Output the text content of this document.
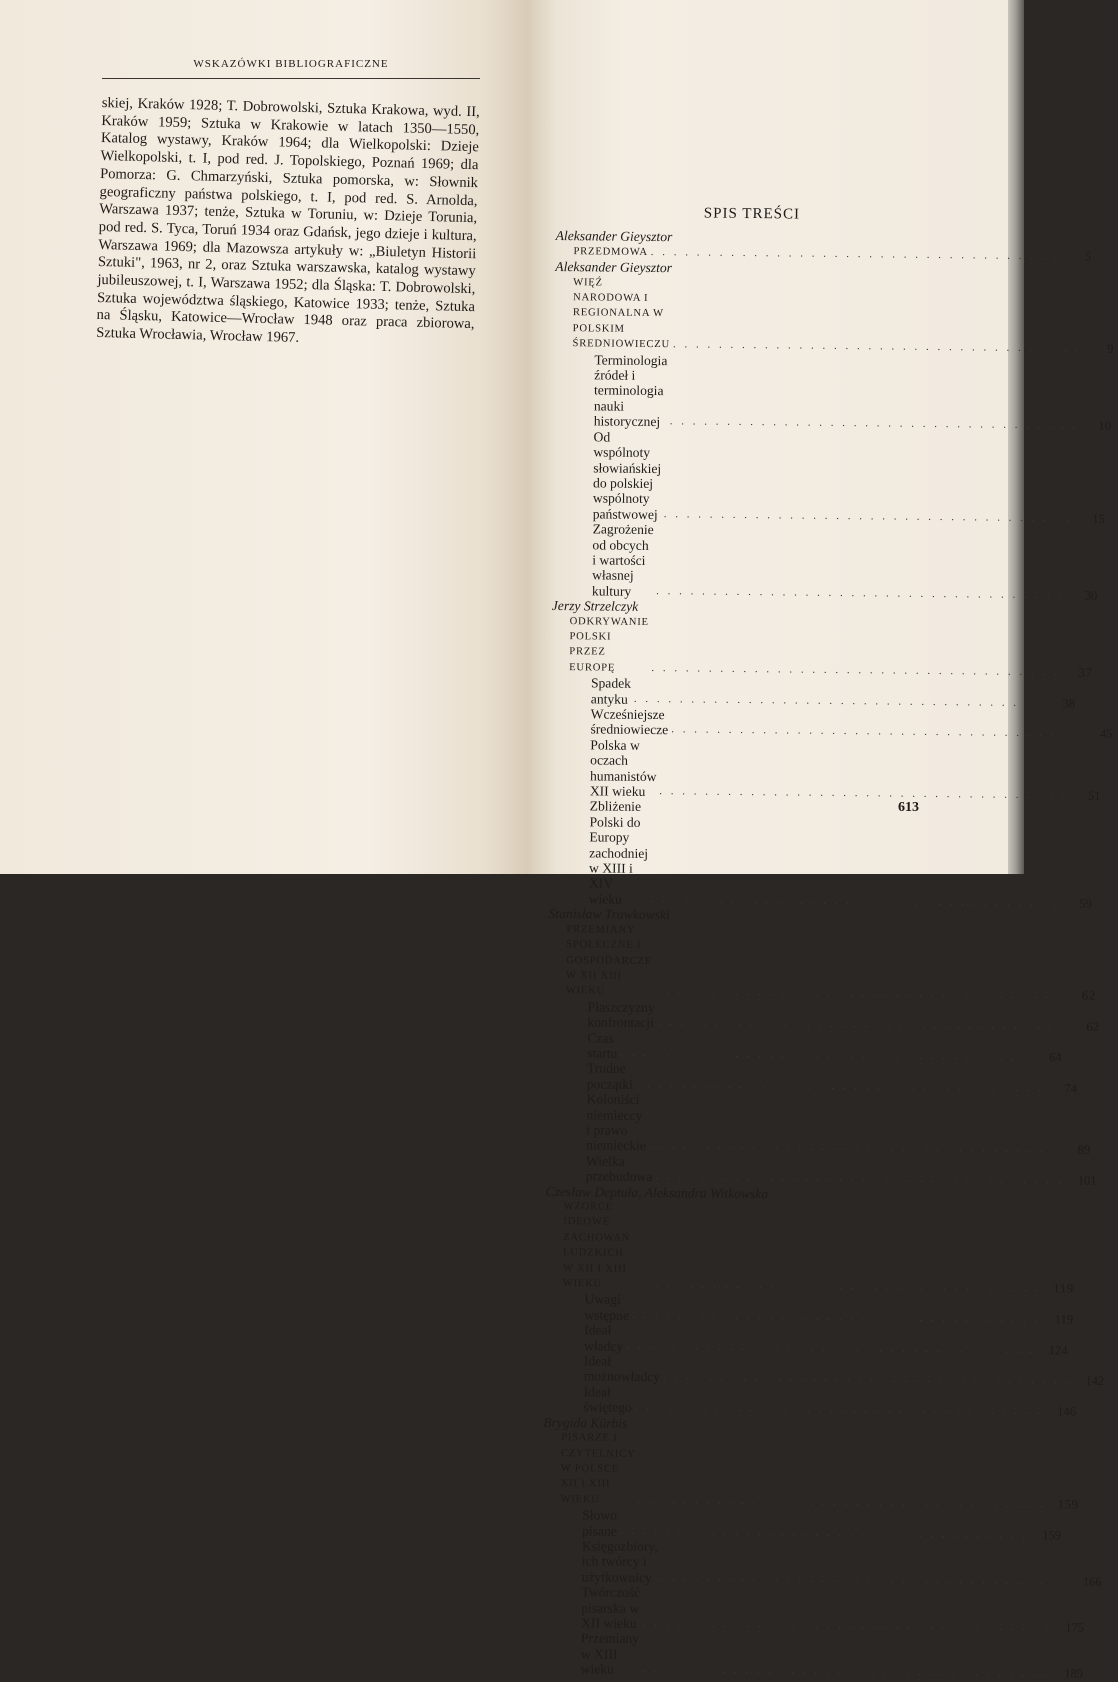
WSKAZÓWKI BIBLIOGRAFICZNE

skiej, Kraków 1928; T. Dobrowolski, Sztuka Krakowa, wyd. II, Kraków 1959; Sztuka w Krakowie w latach 1350—1550, Katalog wystawy, Kraków 1964; dla Wielkopolski: Dzieje Wielkopolski, t. I, pod red. J. Topolskiego, Poznań 1969; dla Pomorza: G. Chmarzyński, Sztuka pomorska, w: Słownik geograficzny państwa polskiego, t. I, pod red. S. Arnolda, Warszawa 1937; tenże, Sztuka w Toruniu, w: Dzieje Torunia, pod red. S. Tyca, Toruń 1934 oraz Gdańsk, jego dzieje i kultura, Warszawa 1969; dla Mazowsza artykuły w: „Biuletyn Historii Sztuki", 1963, nr 2, oraz Sztuka warszawska, katalog wystawy jubileuszowej, t. I, Warszawa 1952; dla Śląska: T. Dobrowolski, Sztuka województwa śląskiego, Katowice 1933; tenże, Sztuka na Śląsku, Katowice—Wrocław 1948 oraz praca zbiorowa, Sztuka Wrocławia, Wrocław 1967.

SPIS TREŚCI
Aleksander Gieysztor
PRZEDMOWA . . . . . . . . . . . . . . . . . . . . . . . . . . . . . . . . . . . .	5
Aleksander Gieysztor
WIĘŹ NARODOWA I REGIONALNA W POLSKIM ŚREDNIOWIECZU . . . . . . . . . . . . . . . . . . . . . . . . . . . . . . . . . . . .	9
Terminologia źródeł i terminologia nauki historycznej . . . . . . . . . . . . . . . . . . . . . . . . . . . . . . . . . . . .	10
Od wspólnoty słowiańskiej do polskiej wspólnoty państwowej . . . . . . . . . . . . . . . . . . . . . . . . . . . . . . . . . . . .	15
Zagrożenie od obcych i wartości własnej kultury	. . . . . . . . . . . . . . . . . . . . . . . . . . . . . . . . . . . .	30
Jerzy Strzelczyk
ODKRYWANIE POLSKI PRZEZ EUROPĘ	. . . . . . . . . . . . . . . . . . . . . . . . . . . . . . . . . . . .	37
Spadek antyku . . . . . . . . . . . . . . . . . . . . . . . . . . . . . . . . . . . .	38
Wcześniejsze średniowiecze . . . . . . . . . . . . . . . . . . . . . . . . . . . . . . . . . . . .	45
Polska w oczach humanistów XII wieku	. . . . . . . . . . . . . . . . . . . . . . . . . . . . . . . . . . . .	51
Zbliżenie Polski do Europy zachodniej w XIII i XIV wieku	. . . . . . . . . . . . . . . . . . . . . . . . . . . . . . . . . . . .	59
Stanisław Trawkowski
PRZEMIANY SPOŁECZNE I GOSPODARCZE W XII XIII WIEKU	. . . . . . . . . . . . . . . . . . . . . . . . . . . . . . . . . . . .	62
Płaszczyzny konfrontacji . . . . . . . . . . . . . . . . . . . . . . . . . . . . . . . . . . . .	62
Czas startu . . . . . . . . . . . . . . . . . . . . . . . . . . . . . . . . . . . .	64
Trudne początki . . . . . . . . . . . . . . . . . . . . . . . . . . . . . . . . . . . .	74
Koloniści niemieccy i prawo niemieckie . . . . . . . . . . . . . . . . . . . . . . . . . . . . . . . . . . . .	89
Wielka przebudowa . . . . . . . . . . . . . . . . . . . . . . . . . . . . . . . . . . . .	101
Czesław Deptuła, Aleksandra Witkowska
WZORCE IDEOWE ZACHOWAŃ LUDZKICH W XII I XIII WIEKU	. . . . . . . . . . . . . . . . . . . . . . . . . . . . . . . . . . . . 119
Uwagi wstępne . . . . . . . . . . . . . . . . . . . . . . . . . . . . . . . . . . . .	119
Ideał władcy . . . . . . . . . . . . . . . . . . . . . . . . . . . . . . . . . . . .	124
Ideał możnowładcy . . . . . . . . . . . . . . . . . . . . . . . . . . . . . . . . . . . .	142
Ideał świętego . . . . . . . . . . . . . . . . . . . . . . . . . . . . . . . . . . . .	146
Brygida Kürbis
PISARZE I CZYTELNICY W POLSCE XII I XIII WIEKU	. . . . . . . . . . . . . . . . . . . . . . . . . . . . . . . . . . . . 159
Słowo pisane . . . . . . . . . . . . . . . . . . . . . . . . . . . . . . . . . . . .	159
Księgozbiory, ich twórcy i użytkownicy . . . . . . . . . . . . . . . . . . . . . . . . . . . . . . . . . . . .	166
Twórczość pisarska w XII wieku . . . . . . . . . . . . . . . . . . . . . . . . . . . . . . . . . . . .	175
Przemiany w XIII wieku	. . . . . . . . . . . . . . . . . . . . . . . . . . . . . . . . . . . .	189
613
